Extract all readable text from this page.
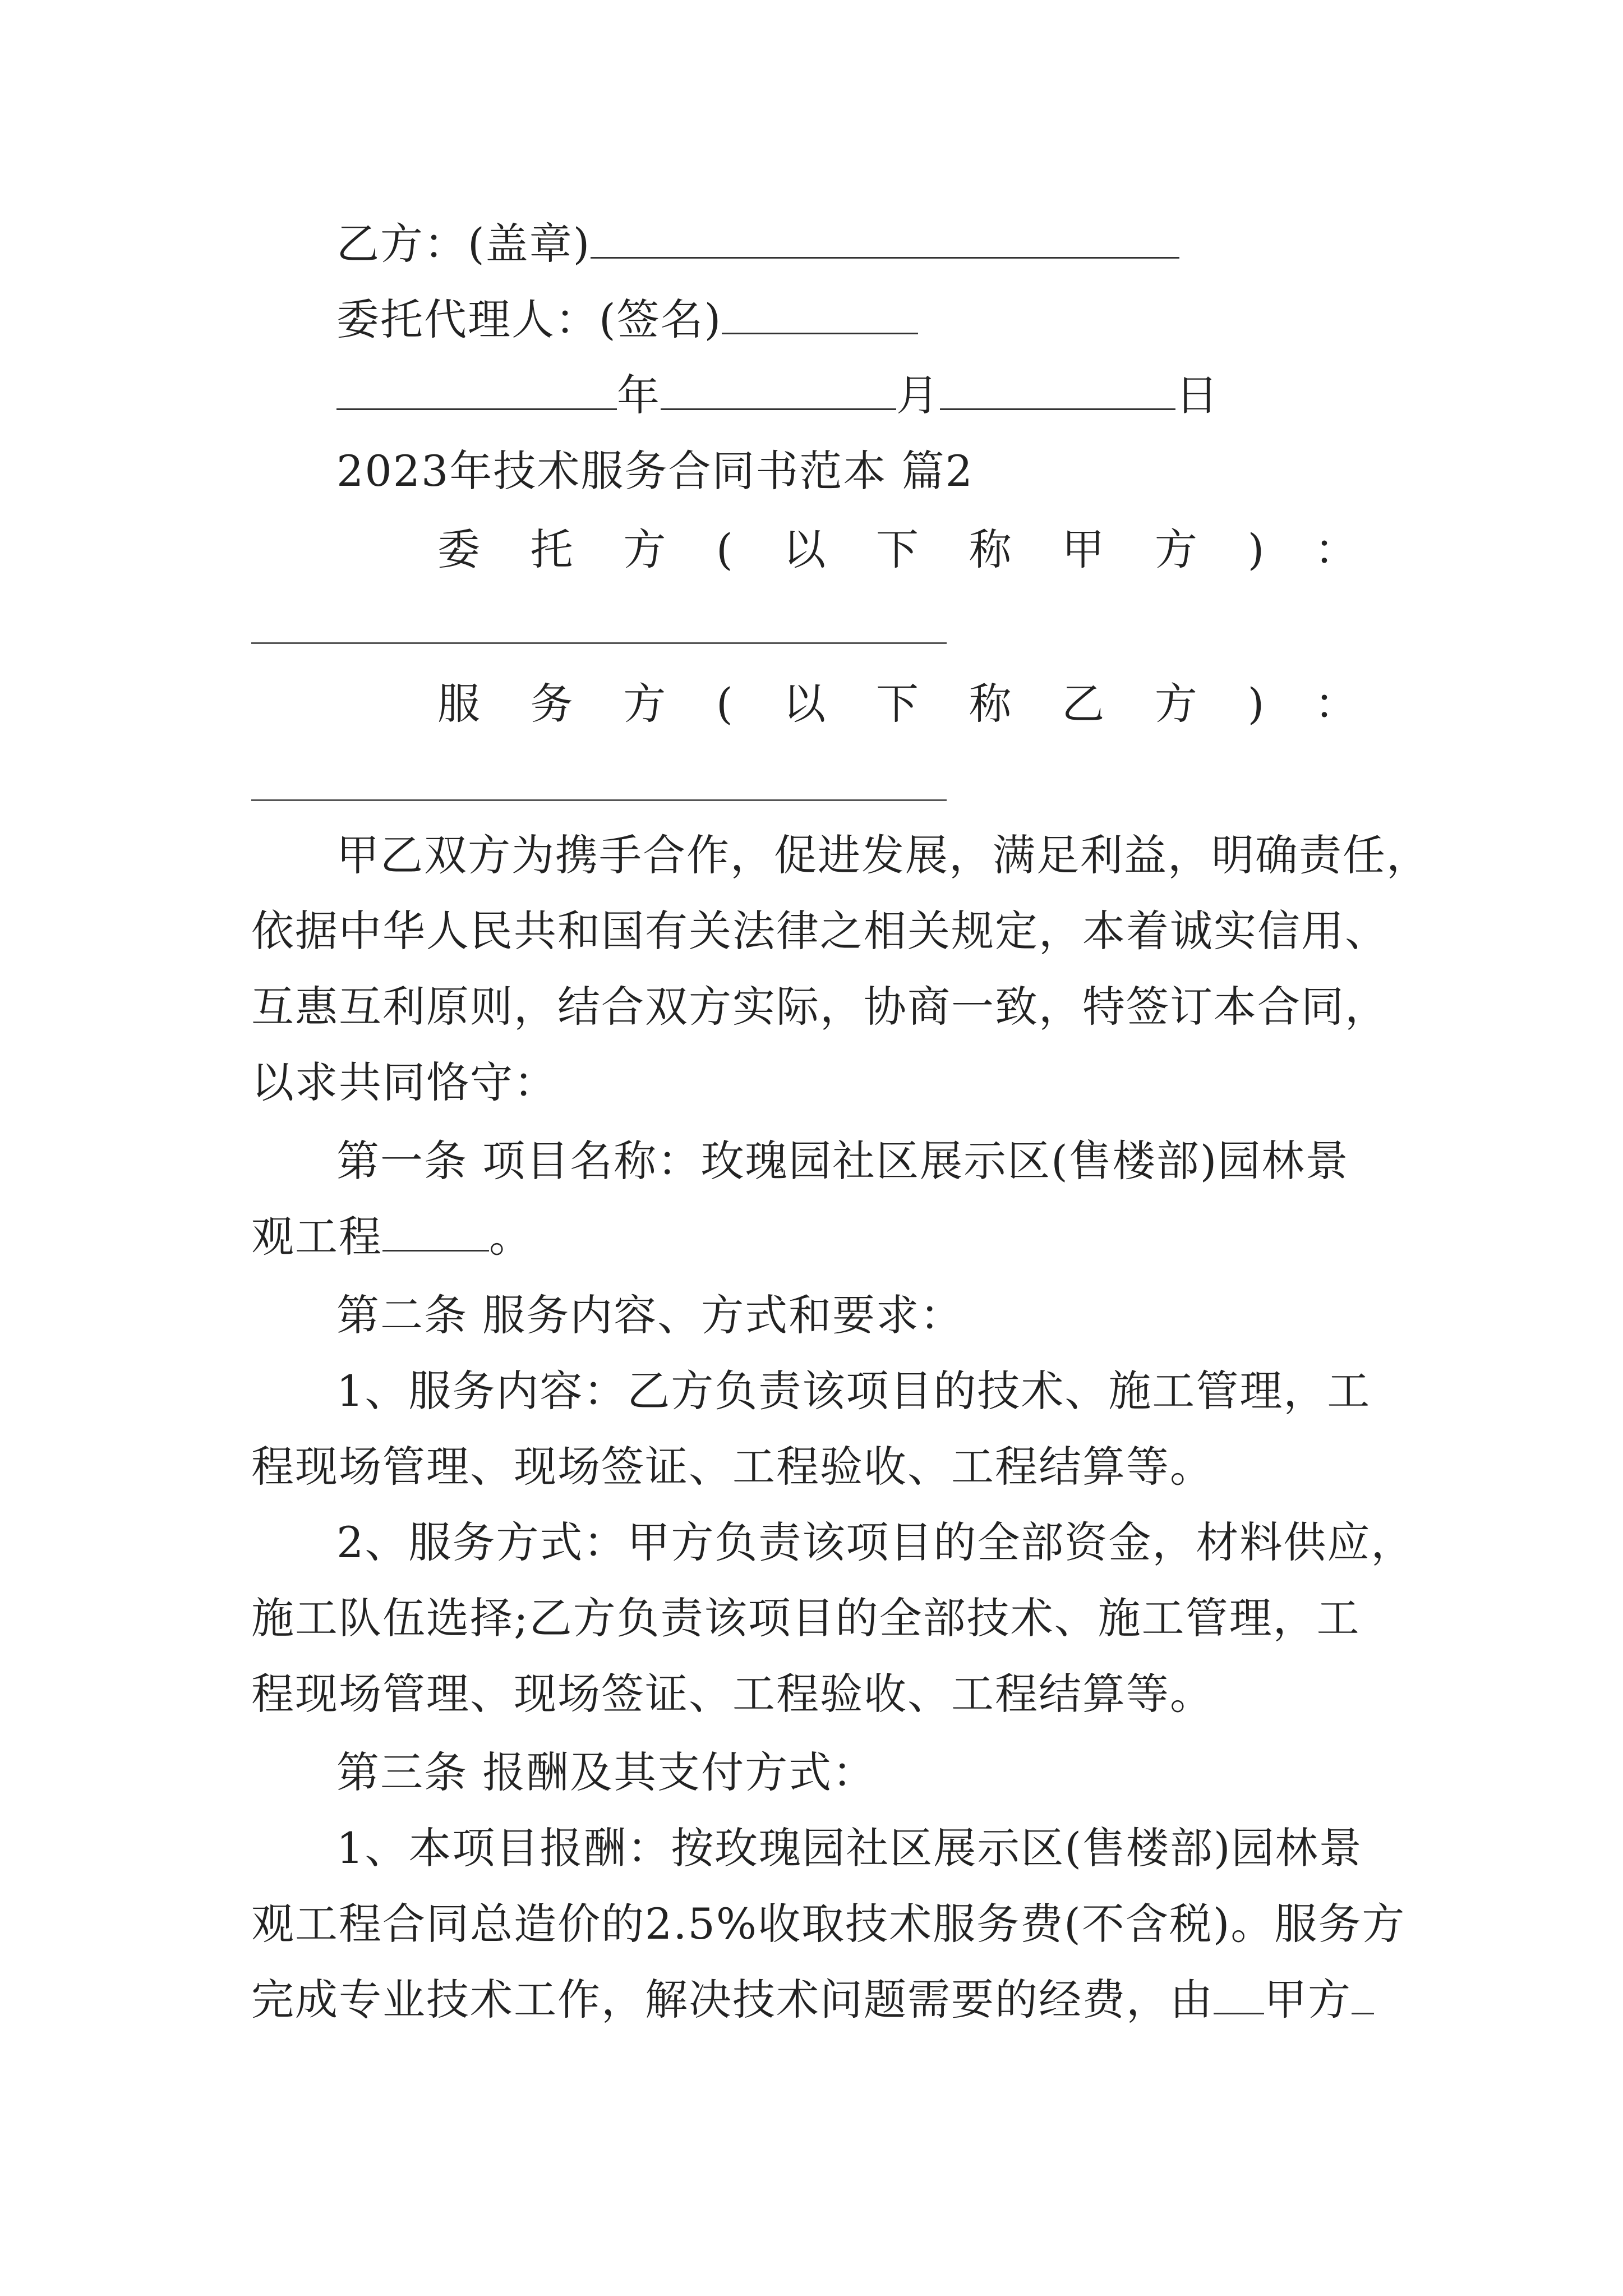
乙方：(盖章)
委托代理人：(签名)
年	月	日
2023年技术服务合同书范本 篇2
委 托 方 ( 以 下 称 甲 方 ) ：
服 务 方 ( 以 下 称 乙 方 ) ：
甲乙双方为携手合作，促进发展，满足利益，明确责任，
依据中华人民共和国有关法律之相关规定，本着诚实信用、
互惠互利原则，结合双方实际，协商一致，特签订本合同，
以求共同恪守：
第一条 项目名称：玫瑰园社区展示区(售楼部)园林景
观工程	。
第二条 服务内容、方式和要求：
1、服务内容：乙方负责该项目的技术、施工管理，工
程现场管理、现场签证、工程验收、工程结算等。
2、服务方式：甲方负责该项目的全部资金，材料供应，
施工队伍选择;乙方负责该项目的全部技术、施工管理，工
程现场管理、现场签证、工程验收、工程结算等。
第三条 报酬及其支付方式：
1、本项目报酬：按玫瑰园社区展示区(售楼部)园林景
观工程合同总造价的2.5%收取技术服务费(不含税)。服务方
完成专业技术工作，解决技术问题需要的经费，由 甲方
